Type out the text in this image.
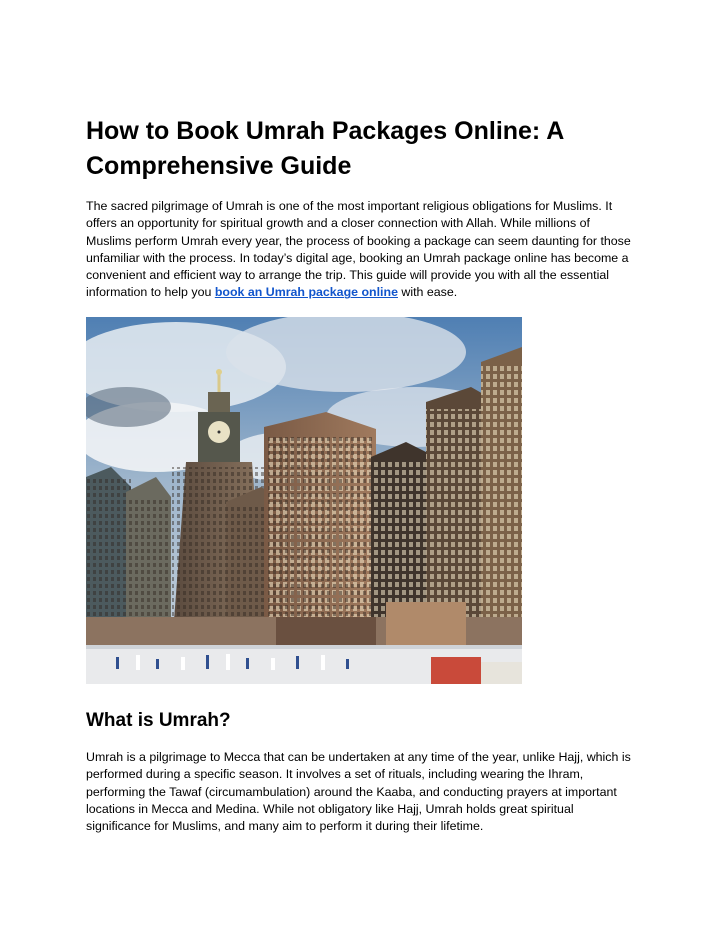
How to Book Umrah Packages Online: A Comprehensive Guide

The sacred pilgrimage of Umrah is one of the most important religious obligations for Muslims. It offers an opportunity for spiritual growth and a closer connection with Allah. While millions of Muslims perform Umrah every year, the process of booking a package can seem daunting for those unfamiliar with the process. In today’s digital age, booking an Umrah package online has become a convenient and efficient way to arrange the trip. This guide will provide you with all the essential information to help you book an Umrah package online with ease.

What is Umrah?

Umrah is a pilgrimage to Mecca that can be undertaken at any time of the year, unlike Hajj, which is performed during a specific season. It involves a set of rituals, including wearing the Ihram, performing the Tawaf (circumambulation) around the Kaaba, and conducting prayers at important locations in Mecca and Medina. While not obligatory like Hajj, Umrah holds great spiritual significance for Muslims, and many aim to perform it during their lifetime.
